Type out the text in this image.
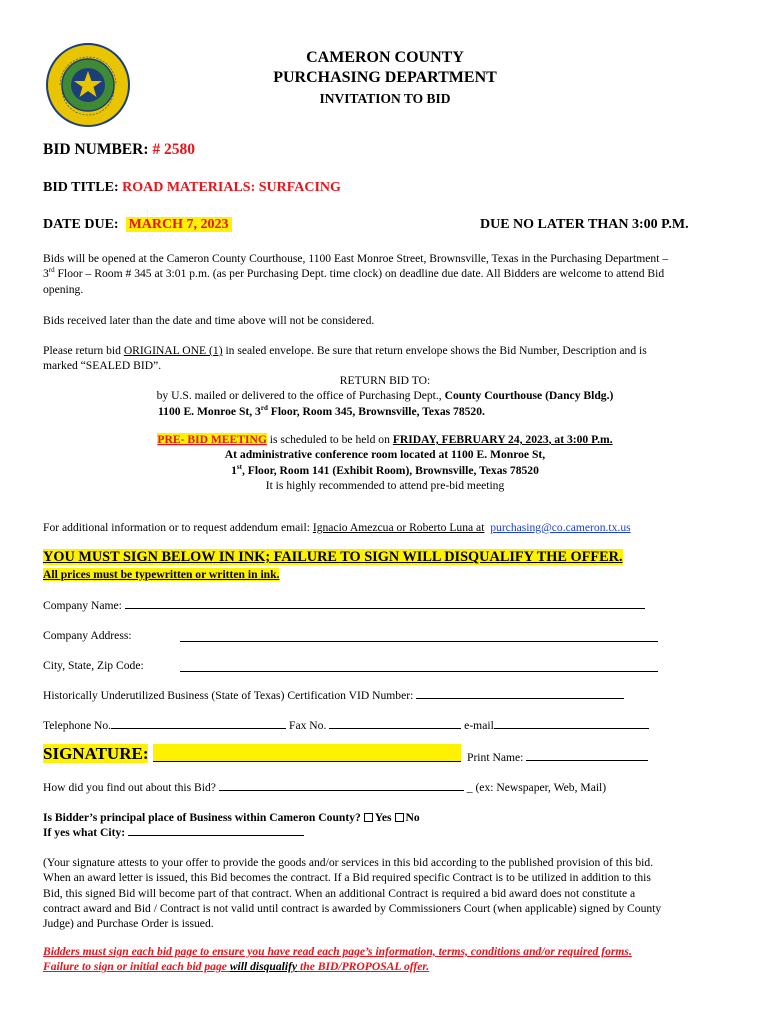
CAMERON COUNTY
PURCHASING DEPARTMENT
INVITATION TO BID
BID NUMBER: # 2580
BID TITLE: ROAD MATERIALS: SURFACING
DATE DUE: MARCH 7, 2023	DUE NO LATER THAN 3:00 P.M.
Bids will be opened at the Cameron County Courthouse, 1100 East Monroe Street, Brownsville, Texas in the Purchasing Department –
3rd Floor – Room # 345 at 3:01 p.m. (as per Purchasing Dept. time clock) on deadline due date. All Bidders are welcome to attend Bid
opening.
Bids received later than the date and time above will not be considered.
Please return bid ORIGINAL ONE (1) in sealed envelope. Be sure that return envelope shows the Bid Number, Description and is
marked “SEALED BID”.
RETURN BID TO:
by U.S. mailed or delivered to the office of Purchasing Dept., County Courthouse (Dancy Bldg.)
1100 E. Monroe St, 3rd Floor, Room 345, Brownsville, Texas 78520.
PRE- BID MEETING is scheduled to be held on FRIDAY, FEBRUARY 24, 2023, at 3:00 P.m.
At administrative conference room located at 1100 E. Monroe St,
1st, Floor, Room 141 (Exhibit Room), Brownsville, Texas 78520
It is highly recommended to attend pre-bid meeting
For additional information or to request addendum email: Ignacio Amezcua or Roberto Luna at purchasing@co.cameron.tx.us
YOU MUST SIGN BELOW IN INK; FAILURE TO SIGN WILL DISQUALIFY THE OFFER.
All prices must be typewritten or written in ink.
Company Name:
Company Address:
City, State, Zip Code:
Historically Underutilized Business (State of Texas) Certification VID Number:
Telephone No.	Fax No.	e-mail
SIGNATURE:	Print Name:
How did you find out about this Bid?	_ (ex: Newspaper, Web, Mail)
Is Bidder’s principal place of Business within Cameron County? Yes No
If yes what City:
(Your signature attests to your offer to provide the goods and/or services in this bid according to the published provision of this bid.
When an award letter is issued, this Bid becomes the contract. If a Bid required specific Contract is to be utilized in addition to this
Bid, this signed Bid will become part of that contract. When an additional Contract is required a bid award does not constitute a
contract award and Bid / Contract is not valid until contract is awarded by Commissioners Court (when applicable) signed by County
Judge) and Purchase Order is issued.
Bidders must sign each bid page to ensure you have read each page’s information, terms, conditions and/or required forms.
Failure to sign or initial each bid page will disqualify the BID/PROPOSAL offer.
